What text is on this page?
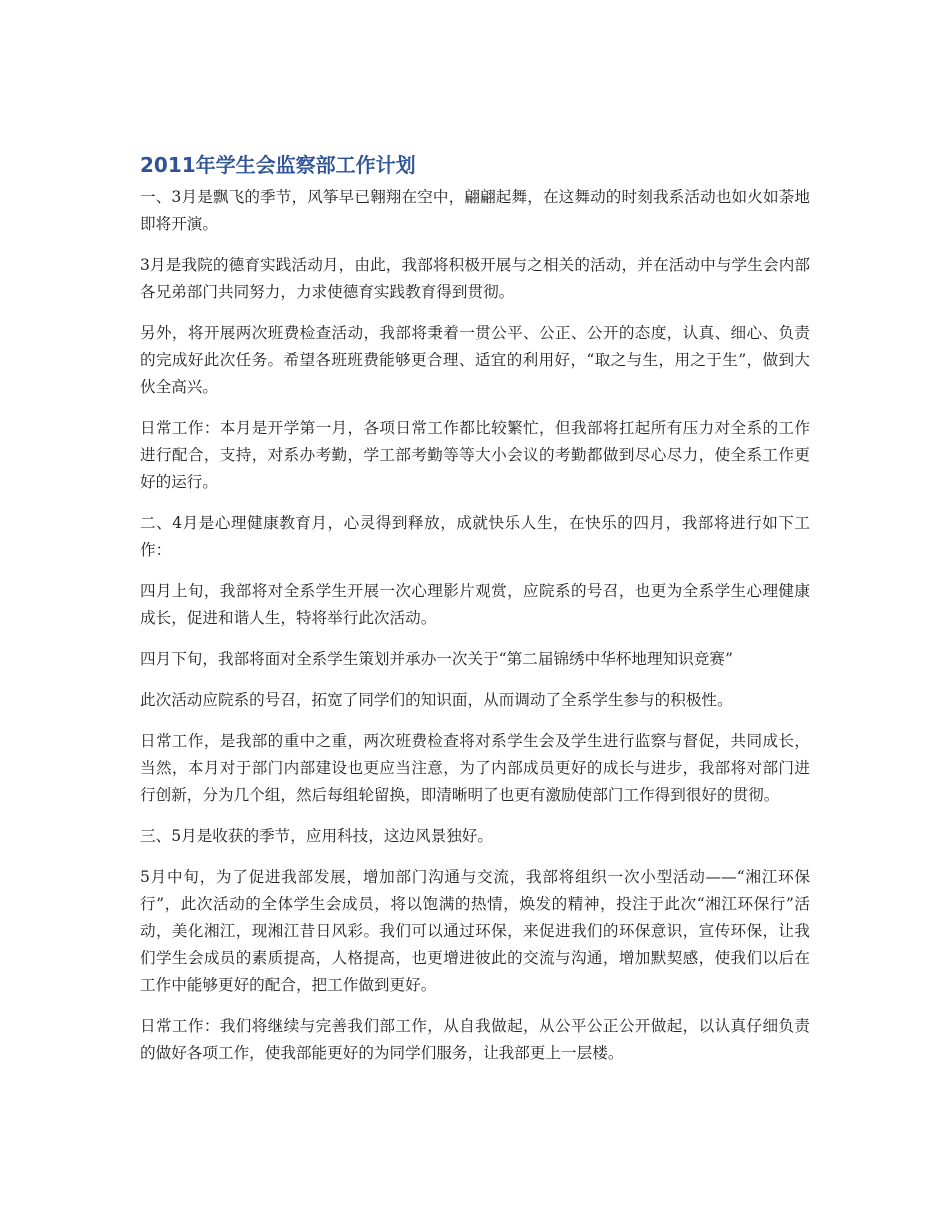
2011年学生会监察部工作计划

一、3月是飘飞的季节，风筝早已翱翔在空中，翩翩起舞，在这舞动的时刻我系活动也如火如荼地即将开演。

3月是我院的德育实践活动月，由此，我部将积极开展与之相关的活动，并在活动中与学生会内部各兄弟部门共同努力，力求使德育实践教育得到贯彻。

另外，将开展两次班费检查活动，我部将秉着一贯公平、公正、公开的态度，认真、细心、负责的完成好此次任务。希望各班班费能够更合理、适宜的利用好，“取之与生，用之于生”，做到大伙全高兴。

日常工作：本月是开学第一月，各项日常工作都比较繁忙，但我部将扛起所有压力对全系的工作进行配合，支持，对系办考勤，学工部考勤等等大小会议的考勤都做到尽心尽力，使全系工作更好的运行。

二、4月是心理健康教育月，心灵得到释放，成就快乐人生，在快乐的四月，我部将进行如下工作：

四月上旬，我部将对全系学生开展一次心理影片观赏，应院系的号召，也更为全系学生心理健康成长，促进和谐人生，特将举行此次活动。

四月下旬，我部将面对全系学生策划并承办一次关于“第二届锦绣中华杯地理知识竞赛”

此次活动应院系的号召，拓宽了同学们的知识面，从而调动了全系学生参与的积极性。

日常工作，是我部的重中之重，两次班费检查将对系学生会及学生进行监察与督促，共同成长，当然，本月对于部门内部建设也更应当注意，为了内部成员更好的成长与进步，我部将对部门进行创新，分为几个组，然后每组轮留换，即清晰明了也更有激励使部门工作得到很好的贯彻。

三、5月是收获的季节，应用科技，这边风景独好。

5月中旬，为了促进我部发展，增加部门沟通与交流，我部将组织一次小型活动——“湘江环保行”，此次活动的全体学生会成员，将以饱满的热情，焕发的精神，投注于此次“湘江环保行”活动，美化湘江，现湘江昔日风彩。我们可以通过环保，来促进我们的环保意识，宣传环保，让我们学生会成员的素质提高，人格提高，也更增进彼此的交流与沟通，增加默契感，使我们以后在工作中能够更好的配合，把工作做到更好。

日常工作：我们将继续与完善我们部工作，从自我做起，从公平公正公开做起，以认真仔细负责的做好各项工作，使我部能更好的为同学们服务，让我部更上一层楼。
